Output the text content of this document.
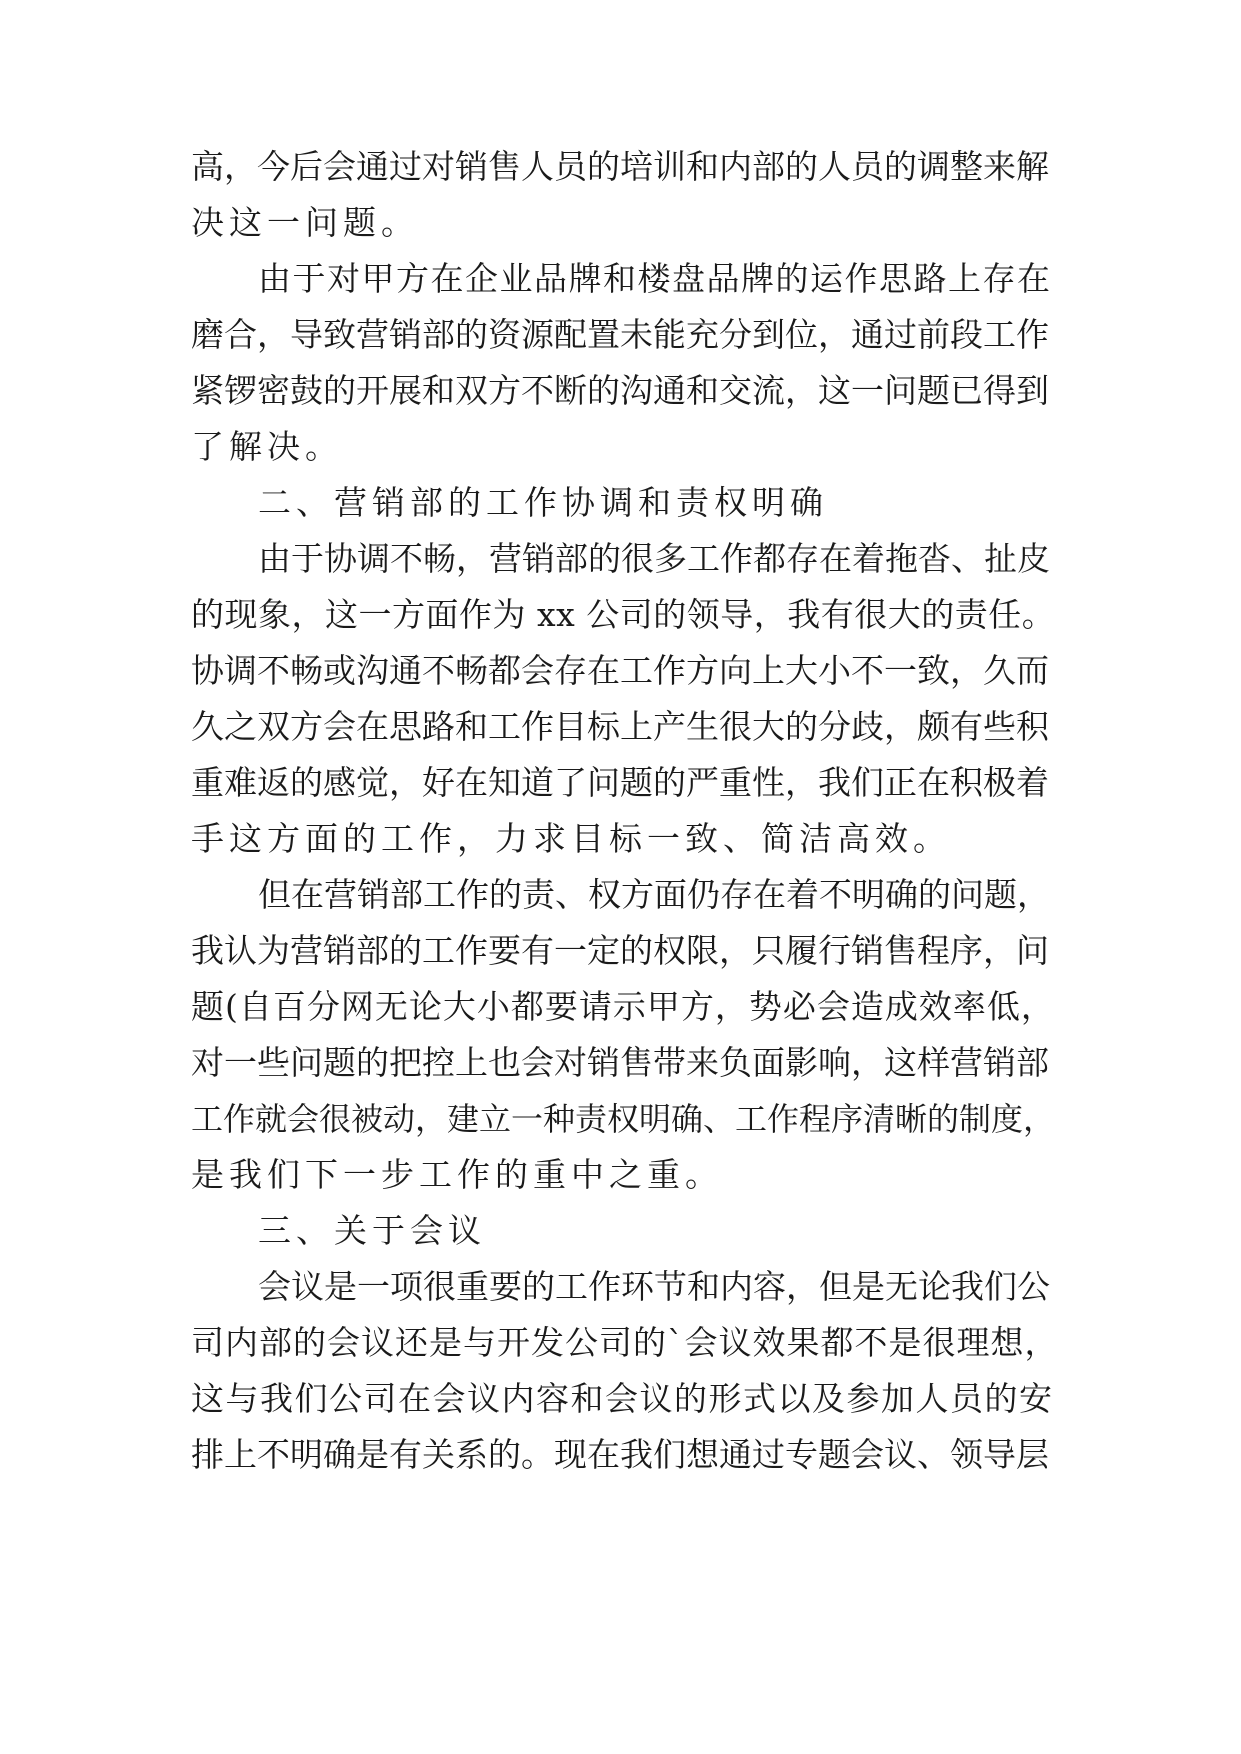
高，今后会通过对销售人员的培训和内部的人员的调整来解
决这一问题。
由于对甲方在企业品牌和楼盘品牌的运作思路上存在
磨合，导致营销部的资源配置未能充分到位，通过前段工作
紧锣密鼓的开展和双方不断的沟通和交流，这一问题已得到
了解决。
二、营销部的工作协调和责权明确
由于协调不畅，营销部的很多工作都存在着拖沓、扯皮
的现象，这一方面作为 xx 公司的领导，我有很大的责任。
协调不畅或沟通不畅都会存在工作方向上大小不一致，久而
久之双方会在思路和工作目标上产生很大的分歧，颇有些积
重难返的感觉，好在知道了问题的严重性，我们正在积极着
手这方面的工作，力求目标一致、简洁高效。
但在营销部工作的责、权方面仍存在着不明确的问题，
我认为营销部的工作要有一定的权限，只履行销售程序，问
题(自百分网无论大小都要请示甲方，势必会造成效率低，
对一些问题的把控上也会对销售带来负面影响，这样营销部
工作就会很被动，建立一种责权明确、工作程序清晰的制度，
是我们下一步工作的重中之重。
三、关于会议
会议是一项很重要的工作环节和内容，但是无论我们公
司内部的会议还是与开发公司的`会议效果都不是很理想，
这与我们公司在会议内容和会议的形式以及参加人员的安
排上不明确是有关系的。现在我们想通过专题会议、领导层
